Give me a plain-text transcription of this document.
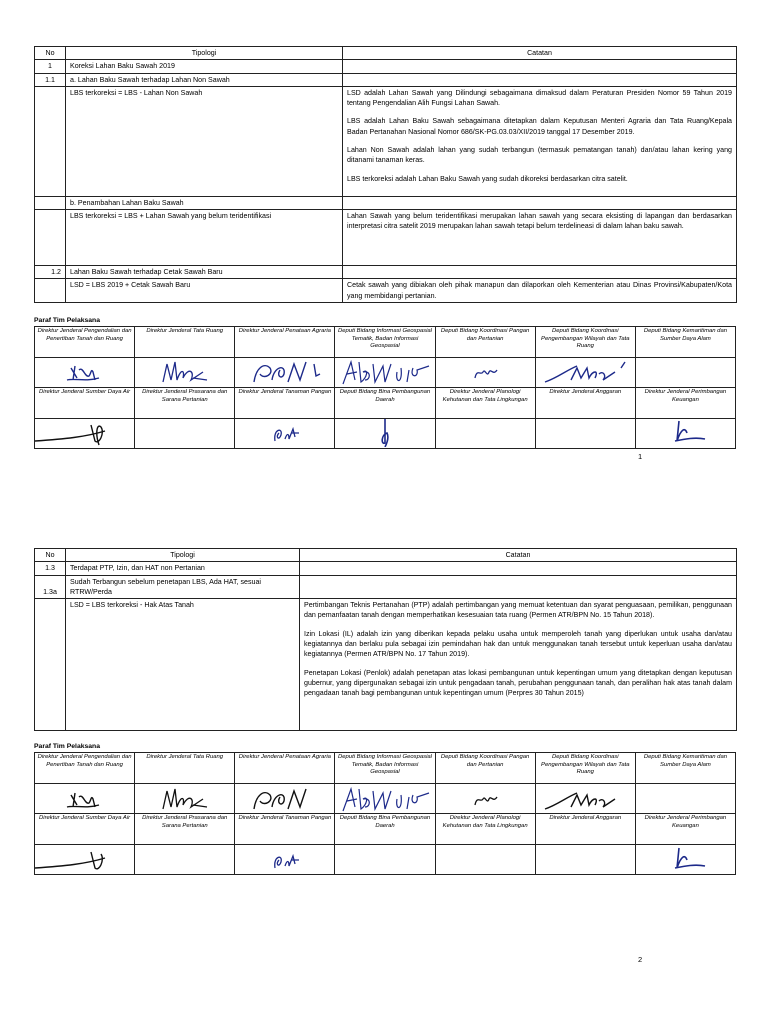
No	Tipologi	Catatan
1	Koreksi Lahan Baku Sawah 2019	
1.1	a. Lahan Baku Sawah terhadap Lahan Non Sawah	
	LBS terkoreksi = LBS - Lahan Non Sawah	LSD adalah Lahan Sawah yang Dilindungi sebagaimana dimaksud dalam Peraturan Presiden Nomor 59 Tahun 2019 tentang Pengendalian Alih Fungsi Lahan Sawah.

LBS adalah Lahan Baku Sawah sebagaimana ditetapkan dalam Keputusan Menteri Agraria dan Tata Ruang/Kepala Badan Pertanahan Nasional Nomor 686/SK-PG.03.03/XII/2019 tanggal 17 Desember 2019.

Lahan Non Sawah adalah lahan yang sudah terbangun (termasuk pematangan tanah) dan/atau lahan kering yang ditanami tanaman keras.

LBS terkoreksi adalah Lahan Baku Sawah yang sudah dikoreksi berdasarkan citra satelit.

	b. Penambahan Lahan Baku Sawah	
	LBS terkoreksi = LBS + Lahan Sawah yang belum teridentifikasi	Lahan Sawah yang belum teridentifikasi merupakan lahan sawah yang secara eksisting di lapangan dan berdasarkan interpretasi citra satelit 2019 merupakan lahan sawah tetapi belum terdelineasi di dalam lahan baku sawah.

1.2	Lahan Baku Sawah terhadap Cetak Sawah Baru	
	LSD = LBS 2019 + Cetak Sawah Baru	Cetak sawah yang dibiakan oleh pihak manapun dan dilaporkan oleh Kementerian atau Dinas Provinsi/Kabupaten/Kota yang membidangi pertanian.

Paraf Tim Pelaksana
Direktur Jenderal Pengendalian dan Penertiban Tanah dan Ruang	Direktur Jenderal Tata Ruang	Direktur Jenderal Penataan Agraria	Deputi Bidang Informasi Geospasial Tematik, Badan Informasi Geospasial	Deputi Bidang Koordinasi Pangan dan Pertanian	Deputi Bidang Koordinasi Pengembangan Wilayah dan Tata Ruang	Deputi Bidang Kemaritiman dan Sumber Daya Alam

Direktur Jenderal Sumber Daya Air	Direktur Jenderal Prasarana dan Sarana Pertanian	Direktur Jenderal Tanaman Pangan	Deputi Bidang Bina Pembangunan Daerah	Direktur Jenderal Planologi Kehutanan dan Tata Lingkungan	Direktur Jenderal Anggaran	Direktur Jenderal Perimbangan Keuangan

1
No	Tipologi	Catatan
1.3	Terdapat PTP, Izin, dan HAT non Pertanian	
1.3a	Sudah Terbangun sebelum penetapan LBS, Ada HAT, sesuai RTRW/Perda	
	LSD = LBS terkoreksi - Hak Atas Tanah	Pertimbangan Teknis Pertanahan (PTP) adalah pertimbangan yang memuat ketentuan dan syarat penguasaan, pemilikan, penggunaan dan pemanfaatan tanah dengan memperhatikan kesesuaian tata ruang (Permen ATR/BPN No. 15 Tahun 2018).

Izin Lokasi (IL) adalah izin yang diberikan kepada pelaku usaha untuk memperoleh tanah yang diperlukan untuk usaha dan/atau kegiatannya dan berlaku pula sebagai izin pemindahan hak dan untuk menggunakan tanah tersebut untuk keperluan usaha dan/atau kegiatannya (Permen ATR/BPN No. 17 Tahun 2019).

Penetapan Lokasi (Penlok) adalah penetapan atas lokasi pembangunan untuk kepentingan umum yang ditetapkan dengan keputusan gubernur, yang dipergunakan sebagai izin untuk pengadaan tanah, perubahan penggunaan tanah, dan peralihan hak atas tanah dalam pengadaan tanah bagi pembangunan untuk kepentingan umum (Perpres 30 Tahun 2015)

Paraf Tim Pelaksana
Direktur Jenderal Pengendalian dan Penertiban Tanah dan Ruang	Direktur Jenderal Tata Ruang	Direktur Jenderal Penataan Agraria	Deputi Bidang Informasi Geospasial Tematik, Badan Informasi Geospasial	Deputi Bidang Koordinasi Pangan dan Pertanian	Deputi Bidang Koordinasi Pengembangan Wilayah dan Tata Ruang	Deputi Bidang Kemaritiman dan Sumber Daya Alam

Direktur Jenderal Sumber Daya Air	Direktur Jenderal Prasarana dan Sarana Pertanian	Direktur Jenderal Tanaman Pangan	Deputi Bidang Bina Pembangunan Daerah	Direktur Jenderal Planologi Kehutanan dan Tata Lingkungan	Direktur Jenderal Anggaran	Direktur Jenderal Perimbangan Keuangan

2
